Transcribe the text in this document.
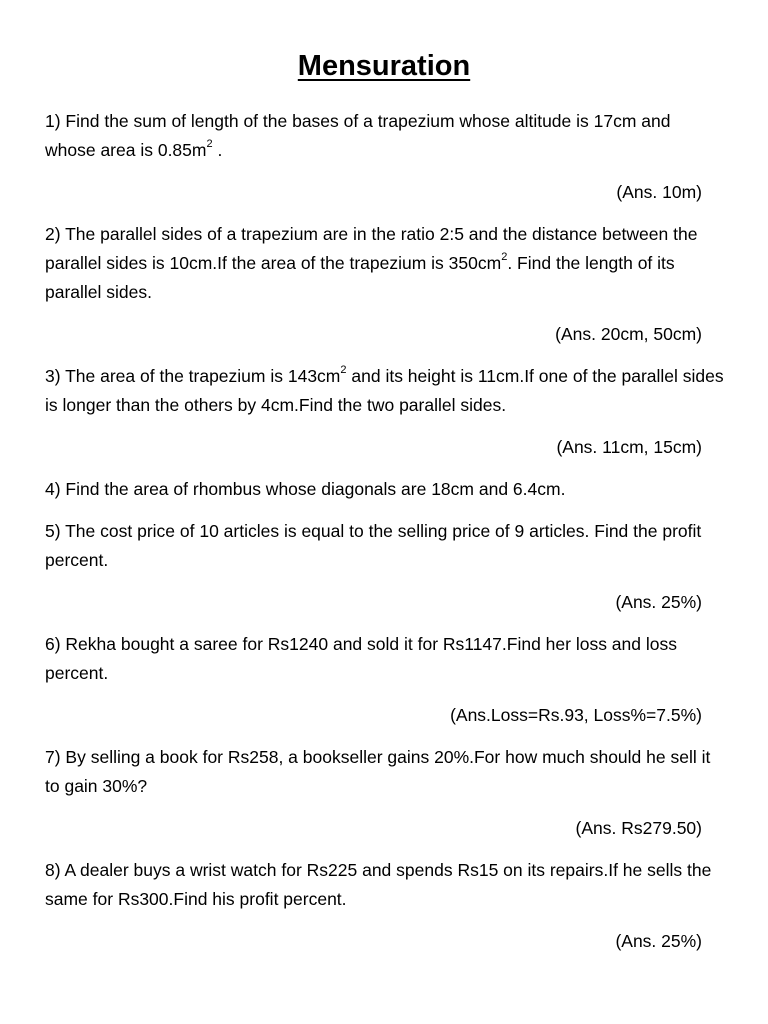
Mensuration

1) Find the sum of length of the bases of a trapezium whose altitude is 17cm and whose area is $0.85m^2$ .

(Ans. 10m)

2) The parallel sides of a trapezium are in the ratio 2:5 and the distance between the parallel sides is 10cm.If the area of the trapezium is $350cm^2$. Find the length of its parallel sides.

(Ans. 20cm, 50cm)

3) The area of the trapezium is $143cm^2$ and its height is 11cm.If one of the parallel sides is longer than the others by 4cm.Find the two parallel sides.

(Ans. 11cm, 15cm)

4) Find the area of rhombus whose diagonals are 18cm and 6.4cm.

5) The cost price of 10 articles is equal to the selling price of 9 articles. Find the profit percent.

(Ans. 25%)

6) Rekha bought a saree for Rs1240 and sold it for Rs1147.Find her loss and loss percent.

(Ans.Loss=Rs.93, Loss%=7.5%)

7) By selling a book for Rs258, a bookseller gains 20%.For how much should he sell it to gain 30%?

(Ans. Rs279.50)

8) A dealer buys a wrist watch for Rs225 and spends Rs15 on its repairs.If he sells the same for Rs300.Find his profit percent.

(Ans. 25%)
